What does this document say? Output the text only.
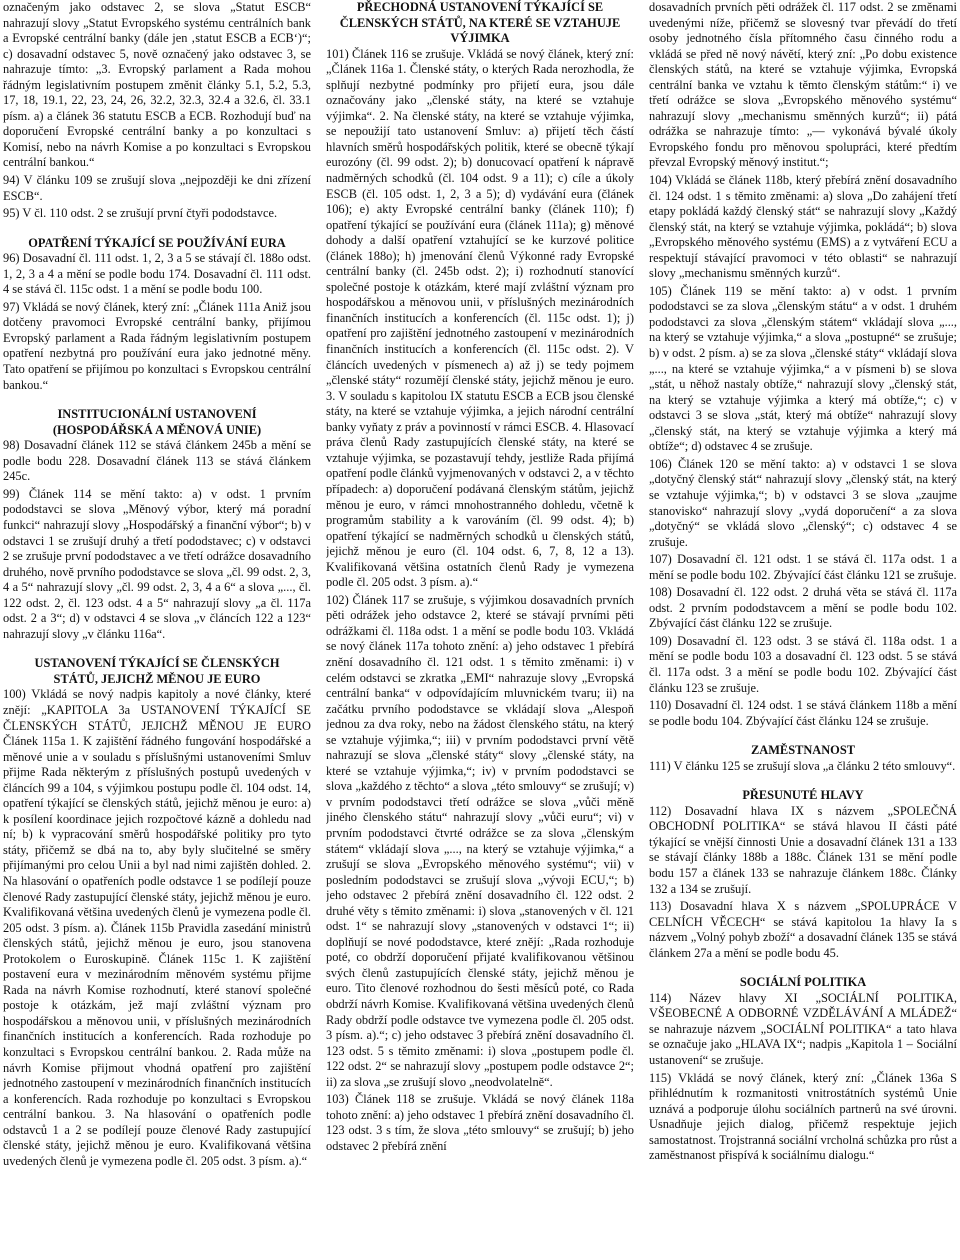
označeným jako odstavec 2, se slova „Statut ESCB“ nahrazují slovy „Statut Evropského systému centrálních bank a Evropské centrální banky (dále jen ‚statut ESCB a ECB‘)“; c) dosavadní odstavec 5, nově označený jako odstavec 3, se nahrazuje tímto: „3. Evropský parlament a Rada mohou řádným legislativním postupem změnit články 5.1, 5.2, 5.3, 17, 18, 19.1, 22, 23, 24, 26, 32.2, 32.3, 32.4 a 32.6, čl. 33.1 písm. a) a článek 36 statutu ESCB a ECB. Rozhodují buď na doporučení Evropské centrální banky a po konzultaci s Komisí, nebo na návrh Komise a po konzultaci s Evropskou centrální bankou.“

94) V článku 109 se zrušují slova „nejpozději ke dni zřízení ESCB“.

95) V čl. 110 odst. 2 se zrušují první čtyři pododstavce.

OPATŘENÍ TÝKAJÍCÍ SE POUŽÍVÁNÍ EURA

96) Dosavadní čl. 111 odst. 1, 2, 3 a 5 se stávají čl. 188o odst. 1, 2, 3 a 4 a mění se podle bodu 174. Dosavadní čl. 111 odst. 4 se stává čl. 115c odst. 1 a mění se podle bodu 100.

97) Vkládá se nový článek, který zní: „Článek 111a Aniž jsou dotčeny pravomoci Evropské centrální banky, přijímou Evropský parlament a Rada řádným legislativním postupem opatření nezbytná pro používání eura jako jednotné měny. Tato opatření se přijímou po konzultaci s Evropskou centrální bankou.“

INSTITUCIONÁLNÍ USTANOVENÍ
(HOSPODÁŘSKÁ A MĚNOVÁ UNIE)

98) Dosavadní článek 112 se stává článkem 245b a mění se podle bodu 228. Dosavadní článek 113 se stává článkem 245c.

99) Článek 114 se mění takto: a) v odst. 1 prvním pododstavci se slova „Měnový výbor, který má poradní funkci“ nahrazují slovy „Hospodářský a finanční výbor“; b) v odstavci 1 se zrušují druhý a třetí pododstavec; c) v odstavci 2 se zrušuje první pododstavec a ve třetí odrážce dosavadního druhého, nově prvního pododstavce se slova „čl. 99 odst. 2, 3, 4 a 5“ nahrazují slovy „čl. 99 odst. 2, 3, 4 a 6“ a slova „..., čl. 122 odst. 2, čl. 123 odst. 4 a 5“ nahrazují slovy „a čl. 117a odst. 2 a 3“; d) v odstavci 4 se slova „v článcích 122 a 123“ nahrazují slovy „v článku 116a“.

USTANOVENÍ TÝKAJÍCÍ SE ČLENSKÝCH
STÁTŮ, JEJICHŽ MĚNOU JE EURO

100) Vkládá se nový nadpis kapitoly a nové články, které znějí: „KAPITOLA 3a USTANOVENÍ TÝKAJÍCÍ SE ČLENSKÝCH STÁTŮ, JEJICHŽ MĚNOU JE EURO Článek 115a 1. K zajištění řádného fungování hospodářské a měnové unie a v souladu s příslušnými ustanoveními Smluv přijme Rada některým z příslušných postupů uvedených v článcích 99 a 104, s výjimkou postupu podle čl. 104 odst. 14, opatření týkající se členských států, jejichž měnou je euro: a) k posílení koordinace jejich rozpočtové kázně a dohledu nad ní; b) k vypracování směrů hospodářské politiky pro tyto státy, přičemž se dbá na to, aby byly slučitelné se směry přijímanými pro celou Unii a byl nad nimi zajištěn dohled. 2. Na hlasování o opatřeních podle odstavce 1 se podílejí pouze členové Rady zastupující členské státy, jejichž měnou je euro. Kvalifikovaná většina uvedených členů je vymezena podle čl. 205 odst. 3 písm. a). Článek 115b Pravidla zasedání ministrů členských států, jejichž měnou je euro, jsou stanovena Protokolem o Euroskupině. Článek 115c 1. K zajištění postavení eura v mezinárodním měnovém systému přijme Rada na návrh Komise rozhodnutí, které stanoví společné postoje k otázkám, jež mají zvláštní význam pro hospodářskou a měnovou unii, v příslušných mezinárodních finančních institucích a konferencích. Rada rozhoduje po konzultaci s Evropskou centrální bankou. 2. Rada může na návrh Komise přijmout vhodná opatření pro zajištění jednotného zastoupení v mezinárodních finančních institucích a konferencích. Rada rozhoduje po konzultaci s Evropskou centrální bankou. 3. Na hlasování o opatřeních podle odstavců 1 a 2 se podílejí pouze členové Rady zastupující členské státy, jejichž měnou je euro. Kvalifikovaná většina uvedených členů je vymezena podle čl. 205 odst. 3 písm. a).“

PŘECHODNÁ USTANOVENÍ TÝKAJÍCÍ SE
ČLENSKÝCH STÁTŮ, NA KTERÉ SE VZTAHUJE
VÝJIMKA

101) Článek 116 se zrušuje. Vkládá se nový článek, který zní: „Článek 116a 1. Členské státy, o kterých Rada nerozhodla, že splňují nezbytné podmínky pro přijetí eura, jsou dále označovány jako „členské státy, na které se vztahuje výjimka“. 2. Na členské státy, na které se vztahuje výjimka, se nepoužijí tato ustanovení Smluv: a) přijetí těch částí hlavních směrů hospodářských politik, které se obecně týkají eurozóny (čl. 99 odst. 2); b) donucovací opatření k nápravě nadměrných schodků (čl. 104 odst. 9 a 11); c) cíle a úkoly ESCB (čl. 105 odst. 1, 2, 3 a 5); d) vydávání eura (článek 106); e) akty Evropské centrální banky (článek 110); f) opatření týkající se používání eura (článek 111a); g) měnové dohody a další opatření vztahující se ke kurzové politice (článek 188o); h) jmenování členů Výkonné rady Evropské centrální banky (čl. 245b odst. 2); i) rozhodnutí stanovící společné postoje k otázkám, které mají zvláštní význam pro hospodářskou a měnovou unii, v příslušných mezinárodních finančních institucích a konferencích (čl. 115c odst. 1); j) opatření pro zajištění jednotného zastoupení v mezinárodních finančních institucích a konferencích (čl. 115c odst. 2). V článcích uvedených v písmenech a) až j) se tedy pojmem „členské státy“ rozumějí členské státy, jejichž měnou je euro. 3. V souladu s kapitolou IX statutu ESCB a ECB jsou členské státy, na které se vztahuje výjimka, a jejich národní centrální banky vyňaty z práv a povinností v rámci ESCB. 4. Hlasovací práva členů Rady zastupujících členské státy, na které se vztahuje výjimka, se pozastavují tehdy, jestliže Rada přijímá opatření podle článků vyjmenovaných v odstavci 2, a v těchto případech: a) doporučení podávaná členským státům, jejichž měnou je euro, v rámci mnohostranného dohledu, včetně k programům stability a k varováním (čl. 99 odst. 4); b) opatření týkající se nadměrných schodků u členských států, jejichž měnou je euro (čl. 104 odst. 6, 7, 8, 12 a 13). Kvalifikovaná většina ostatních členů Rady je vymezena podle čl. 205 odst. 3 písm. a).“

102) Článek 117 se zrušuje, s výjimkou dosavadních prvních pěti odrážek jeho odstavce 2, které se stávají prvními pěti odrážkami čl. 118a odst. 1 a mění se podle bodu 103. Vkládá se nový článek 117a tohoto znění: a) jeho odstavec 1 přebírá znění dosavadního čl. 121 odst. 1 s těmito změnami: i) v celém odstavci se zkratka „EMI“ nahrazuje slovy „Evropská centrální banka“ v odpovídajícím mluvnickém tvaru; ii) na začátku prvního pododstavce se vkládají slova „Alespoň jednou za dva roky, nebo na žádost členského státu, na který se vztahuje výjimka,“; iii) v prvním pododstavci první větě nahrazují se slova „členské státy“ slovy „členské státy, na které se vztahuje výjimka,“; iv) v prvním pododstavci se slova „každého z těchto“ a slova „této smlouvy“ se zrušují; v) v prvním pododstavci třetí odrážce se slova „vůči měně jiného členského státu“ nahrazují slovy „vůči euru“; vi) v prvním pododstavci čtvrté odrážce se za slova „členským státem“ vkládají slova „..., na který se vztahuje výjimka,“ a zrušují se slova „Evropského měnového systému“; vii) v posledním pododstavci se zrušují slova „vývoji ECU,“; b) jeho odstavec 2 přebírá znění dosavadního čl. 122 odst. 2 druhé věty s těmito změnami: i) slova „stanovených v čl. 121 odst. 1“ se nahrazují slovy „stanovených v odstavci 1“; ii) doplňují se nové pododstavce, které znějí: „Rada rozhoduje poté, co obdrží doporučení přijaté kvalifikovanou většinou svých členů zastupujících členské státy, jejichž měnou je euro. Tito členové rozhodnou do šesti měsíců poté, co Rada obdrží návrh Komise. Kvalifikovaná většina uvedených členů Rady obdrží podle odstavce tve vymezena podle čl. 205 odst. 3 písm. a).“; c) jeho odstavec 3 přebírá znění dosavadního čl. 123 odst. 5 s těmito změnami: i) slova „postupem podle čl. 122 odst. 2“ se nahrazují slovy „postupem podle odstavce 2“; ii) za slova „se zrušují slovo „neodvolatelně“.

103) Článek 118 se zrušuje. Vkládá se nový článek 118a tohoto znění: a) jeho odstavec 1 přebírá znění dosavadního čl. 123 odst. 3 s tím, že slova „této smlouvy“ se zrušují; b) jeho odstavec 2 přebírá znění

dosavadních prvních pěti odrážek čl. 117 odst. 2 se změnami uvedenými níže, přičemž se slovesný tvar převádí do třetí osoby jednotného čísla přítomného času činného rodu a vkládá se před ně nový návětí, který zní: „Po dobu existence členských států, na které se vztahuje výjimka, Evropská centrální banka ve vztahu k těmto členským státům:“ i) ve třetí odrážce se slova „Evropského měnového systému“ nahrazují slovy „mechanismu směnných kurzů“; ii) pátá odrážka se nahrazuje tímto: „— vykonává bývalé úkoly Evropského fondu pro měnovou spolupráci, které předtím převzal Evropský měnový institut.“;

104) Vkládá se článek 118b, který přebírá znění dosavadního čl. 124 odst. 1 s těmito změnami: a) slova „Do zahájení třetí etapy pokládá každý členský stát“ se nahrazují slovy „Každý členský stát, na který se vztahuje výjimka, pokládá“; b) slova „Evropského měnového systému (EMS) a z vytváření ECU a respektují stávající pravomoci v této oblasti“ se nahrazují slovy „mechanismu směnných kurzů“.

105) Článek 119 se mění takto: a) v odst. 1 prvním pododstavci se za slova „členským státu“ a v odst. 1 druhém pododstavci za slova „členským státem“ vkládají slova „..., na který se vztahuje výjimka,“ a slova „postupné“ se zrušuje; b) v odst. 2 písm. a) se za slova „členské státy“ vkládají slova „..., na které se vztahuje výjimka,“ a v písmeni b) se slova „stát, u něhož nastaly obtíže,“ nahrazují slovy „členský stát, na který se vztahuje výjimka a který má obtíže,“; c) v odstavci 3 se slova „stát, který má obtíže“ nahrazují slovy „členský stát, na který se vztahuje výjimka a který má obtíže“; d) odstavec 4 se zrušuje.

106) Článek 120 se mění takto: a) v odstavci 1 se slova „dotyčný členský stát“ nahrazují slovy „členský stát, na který se vztahuje výjimka,“; b) v odstavci 3 se slova „zaujme stanovisko“ nahrazují slovy „vydá doporučení“ a za slova „dotyčný“ se vkládá slovo „členský“; c) odstavec 4 se zrušuje.

107) Dosavadní čl. 121 odst. 1 se stává čl. 117a odst. 1 a mění se podle bodu 102. Zbývající část článku 121 se zrušuje.

108) Dosavadní čl. 122 odst. 2 druhá věta se stává čl. 117a odst. 2 prvním pododstavcem a mění se podle bodu 102. Zbývající část článku 122 se zrušuje.

109) Dosavadní čl. 123 odst. 3 se stává čl. 118a odst. 1 a mění se podle bodu 103 a dosavadní čl. 123 odst. 5 se stává čl. 117a odst. 3 a mění se podle bodu 102. Zbývající část článku 123 se zrušuje.

110) Dosavadní čl. 124 odst. 1 se stává článkem 118b a mění se podle bodu 104. Zbývající část článku 124 se zrušuje.

ZAMĚSTNANOST

111) V článku 125 se zrušují slova „a článku 2 této smlouvy“.

PŘESUNUTÉ HLAVY

112) Dosavadní hlava IX s názvem „SPOLEČNÁ OBCHODNÍ POLITIKA“ se stává hlavou II části páté týkající se vnější činnosti Unie a dosavadní článek 131 a 133 se stávají články 188b a 188c. Článek 131 se mění podle bodu 157 a článek 133 se nahrazuje článkem 188c. Články 132 a 134 se zrušují.

113) Dosavadní hlava X s názvem „SPOLUPRÁCE V CELNÍCH VĚCECH“ se stává kapitolou 1a hlavy Ia s názvem „Volný pohyb zboží“ a dosavadní článek 135 se stává článkem 27a a mění se podle bodu 45.

SOCIÁLNÍ POLITIKA

114) Název hlavy XI „SOCIÁLNÍ POLITIKA, VŠEOBECNÉ A ODBORNÉ VZDĚLÁVÁNÍ A MLÁDEŽ“ se nahrazuje názvem „SOCIÁLNÍ POLITIKA“ a tato hlava se označuje jako „HLAVA IX“; nadpis „Kapitola 1 – Sociální ustanovení“ se zrušuje.

115) Vkládá se nový článek, který zní: „Článek 136a S přihlédnutím k rozmanitosti vnitrostátních systémů Unie uznává a podporuje úlohu sociálních partnerů na své úrovni. Usnadňuje jejich dialog, přičemž respektuje jejich samostatnost. Trojstranná sociální vrcholná schůzka pro růst a zaměstnanost přispívá k sociálnímu dialogu.“
